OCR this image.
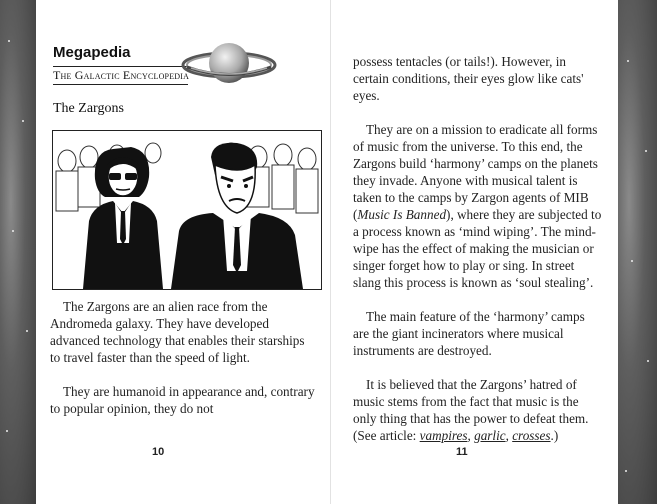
Megapedia
The Galactic Encyclopedia
The Zargons

The Zargons are an alien race from the Andromeda galaxy. They have developed advanced technology that enables their starships to travel faster than the speed of light.

They are humanoid in appearance and, contrary to popular opinion, they do not

10

possess tentacles (or tails!). However, in certain conditions, their eyes glow like cats' eyes.

They are on a mission to eradicate all forms of music from the universe. To this end, the Zargons build ‘harmony’ camps on the planets they invade. Anyone with musical talent is taken to the camps by Zargon agents of MIB (Music Is Banned), where they are subjected to a process known as ‘mind wiping’. The mind-wipe has the effect of making the musician or singer forget how to play or sing. In street slang this process is known as ‘soul stealing’.

The main feature of the ‘harmony’ camps are the giant incinerators where musical instruments are destroyed.

It is believed that the Zargons’ hatred of music stems from the fact that music is the only thing that has the power to defeat them. (See article: vampires, garlic, crosses.)

11
